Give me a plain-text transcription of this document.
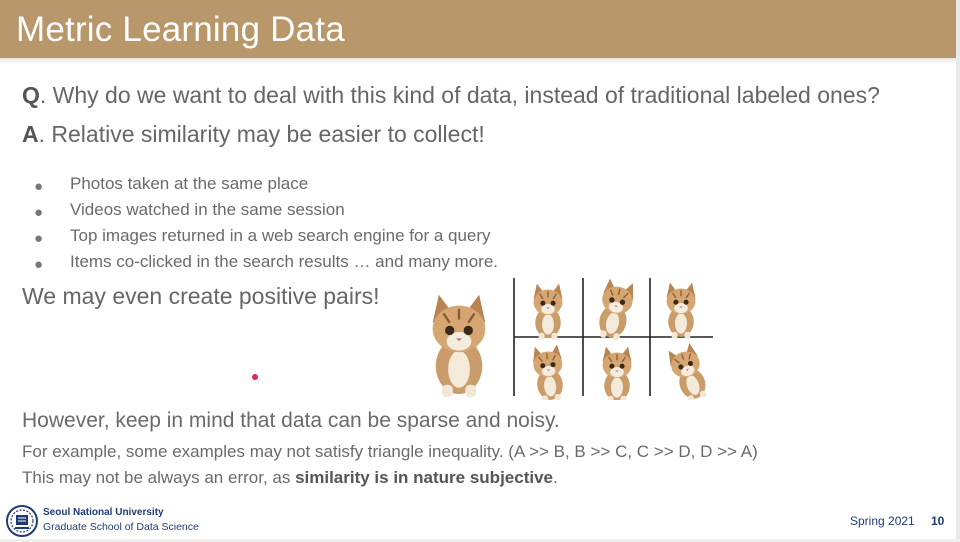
Metric Learning Data
Q. Why do we want to deal with this kind of data, instead of traditional labeled ones?
A. Relative similarity may be easier to collect!
● Photos taken at the same place
● Videos watched in the same session
● Top images returned in a web search engine for a query
● Items co-clicked in the search results … and many more.
We may even create positive pairs!
However, keep in mind that data can be sparse and noisy.
For example, some examples may not satisfy triangle inequality. (A >> B, B >> C, C >> D, D >> A)
This may not be always an error, as similarity is in nature subjective.
Seoul National University
Graduate School of Data Science	Spring 2021 10
